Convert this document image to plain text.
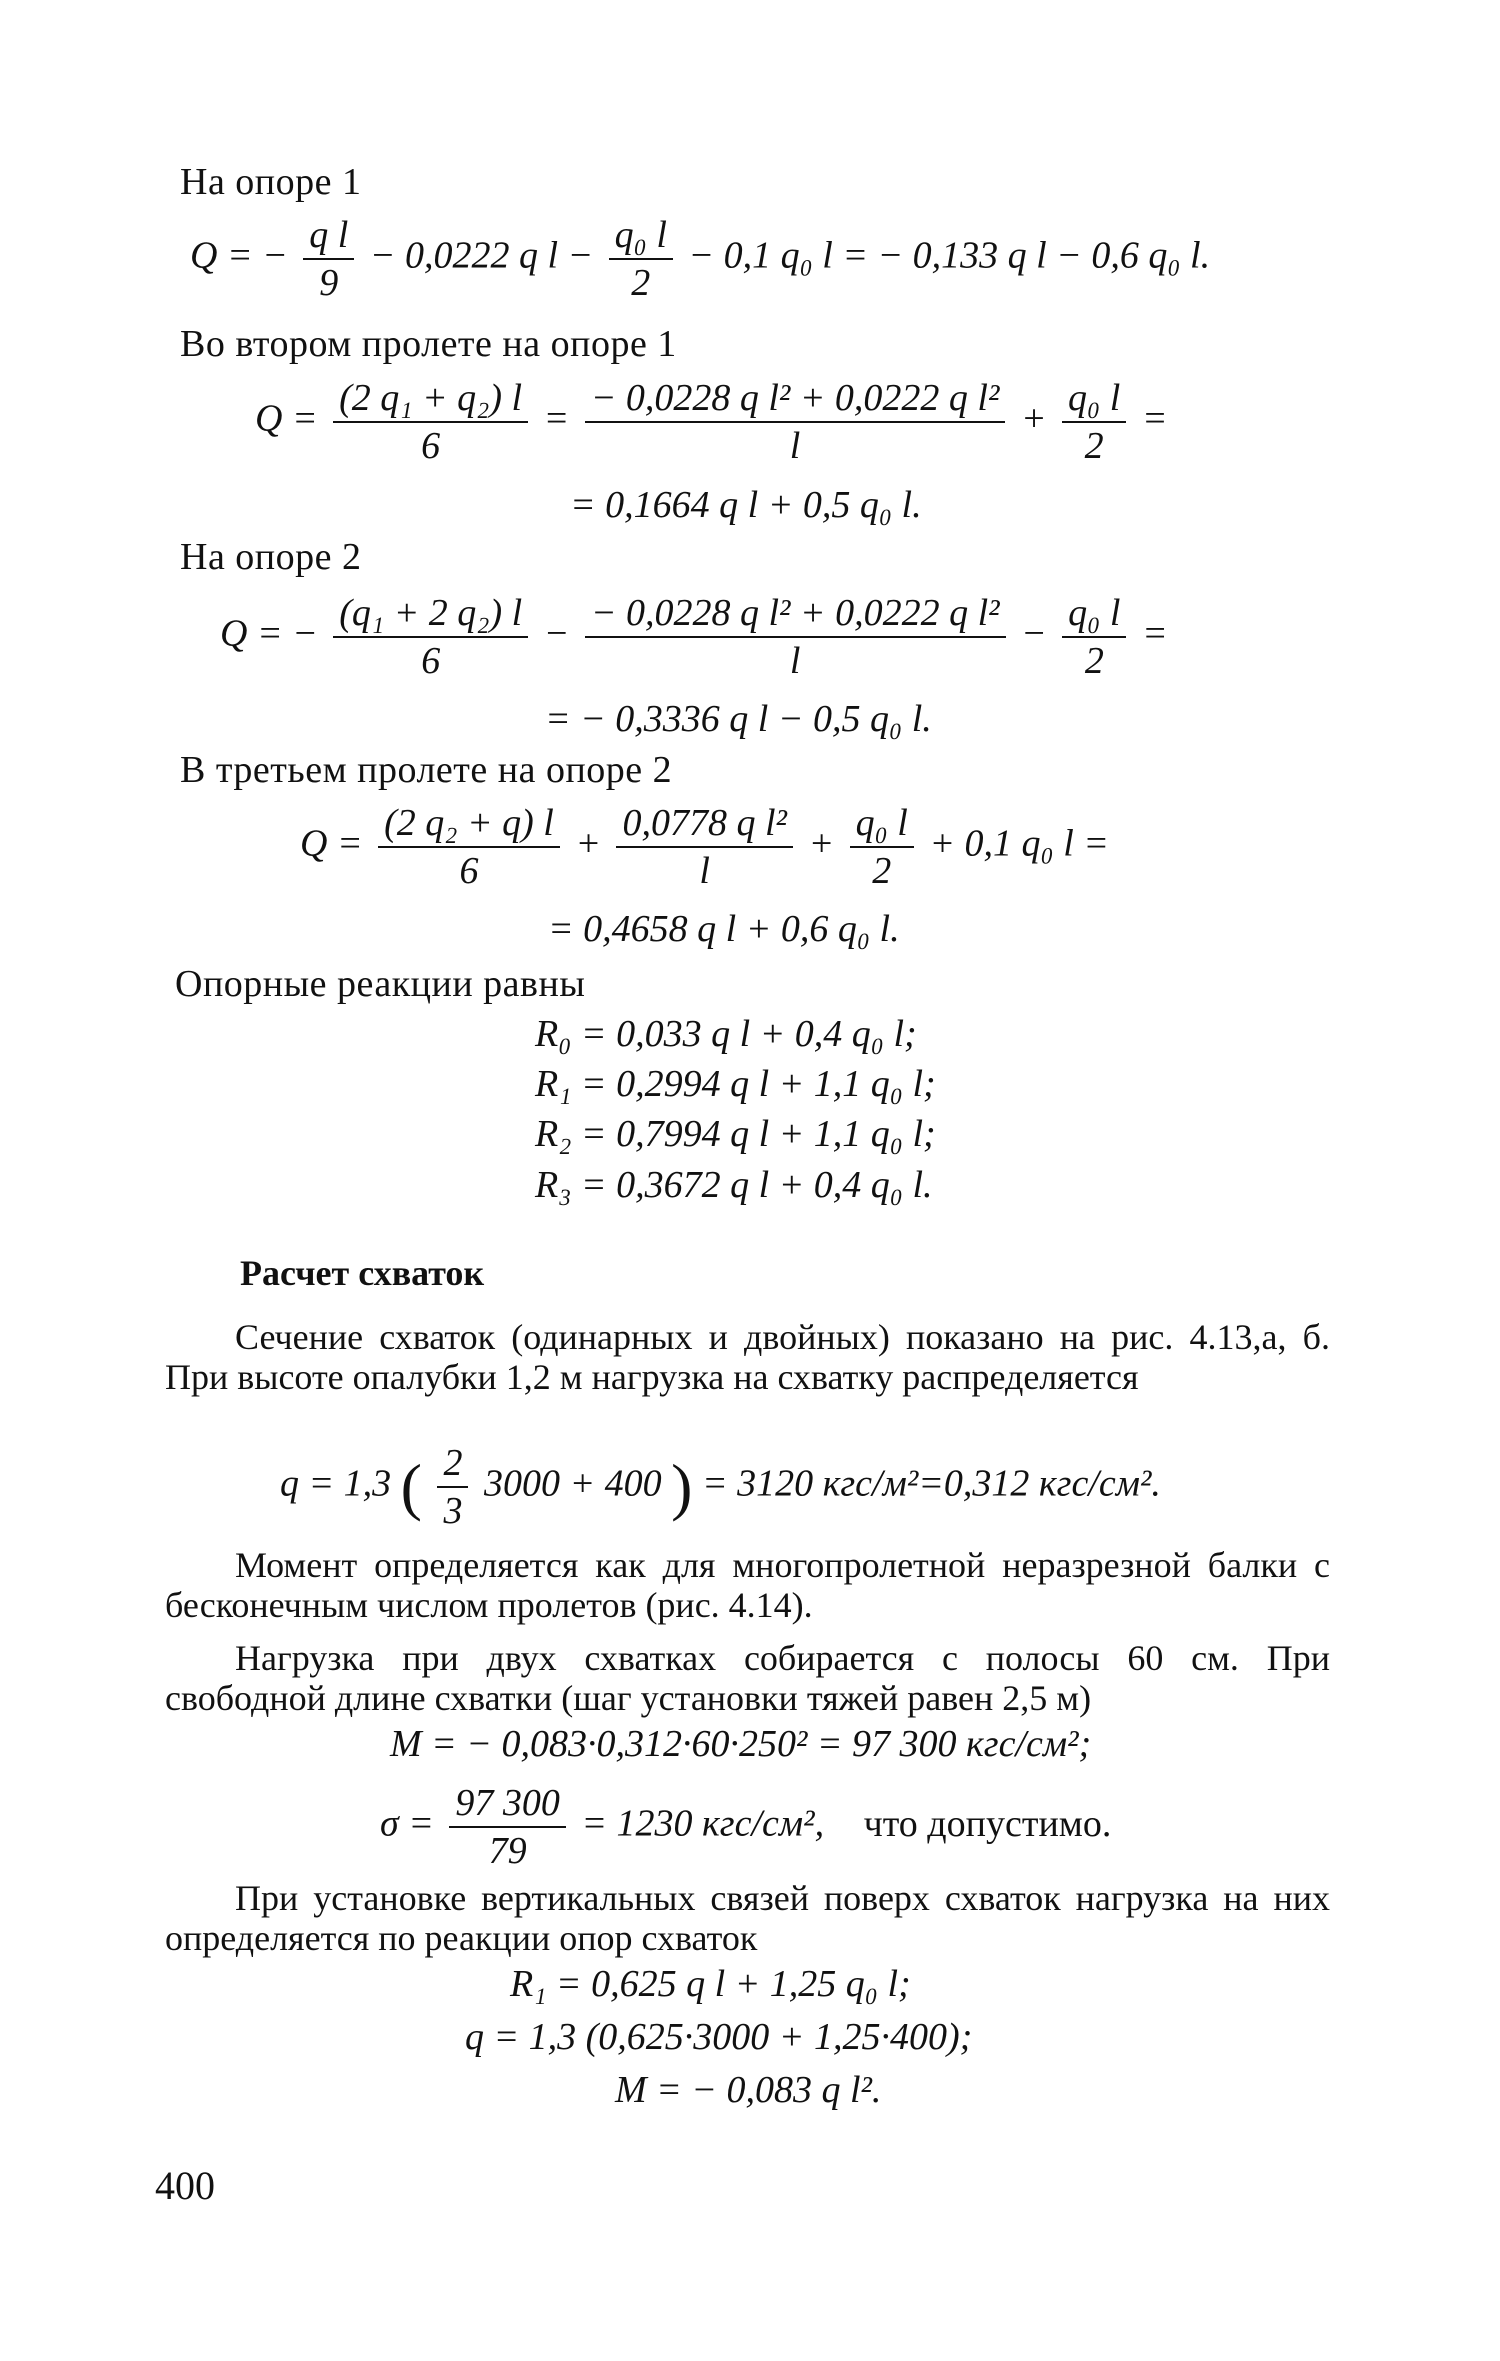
На опоре 1
Q = − $\frac{\text{q l}}{9} - 0,0222$ q $l - \frac{\text{q₀ l}}{2} - 0,1$ q₀ l = − 0,133 q l − 0,6 q₀ l.
Во втором пролете на опоре 1
$Q = \frac{\text{(2 q₁ + q₂) l}}{6} = \frac{\text{− 0,0228 q l² + 0,0222 q l²}}{l} + \frac{\text{q₀ l}}{2}$ =
= 0,1664 q l + 0,5 q₀ l.
На опоре 2
Q = − $\frac{\text{(q₁ + 2 q₂) l}}{6} - \frac{\text{− 0,0228 q l² + 0,0222 q l²}}{l} - \frac{\text{q₀ l}}{2}$ =
= − 0,3336 q l − 0,5 q₀ l.
В третьем пролете на опоре 2
$Q = \frac{\text{(2 q₂ + q) l}}{6} + \frac{\text{0,0778 q l²}}{l} + \frac{\text{q₀ l}}{2} + 0,1$ q₀ l =
= 0,4658 q l + 0,6 q₀ l.
Опорные реакции равны
R₀ = 0,033 q l + 0,4 q₀ l;
R₁ = 0,2994 q l + 1,1 q₀ l;
R₂ = 0,7994 q l + 1,1 q₀ l;
R₃ = 0,3672 q l + 0,4 q₀ l.
Расчет схваток
Сечение схваток (одинарных и двойных) показано на рис. 4.13,а, б. При высоте опалубки 1,2 м нагрузка на схватку распределяется
q = 1,3 ( $\frac{2}{3} 3000 + 400$ ) = 3120 кгс/м²=0,312 кгс/см².
Момент определяется как для многопролетной неразрезной балки с бесконечным числом пролетов (рис. 4.14).
Нагрузка при двух схватках собирается с полосы 60 см. При свободной длине схватки (шаг установки тяжей равен 2,5 м)
M = − 0,083·0,312·60·250² = 97 300 кгс/см²;
$\sigma = \frac{97 300}{79} = 1230$ кгс/см², что допустимо.
При установке вертикальных связей поверх схваток нагрузка на них определяется по реакции опор схваток
R₁ = 0,625 q l + 1,25 q₀ l;
q = 1,3 (0,625·3000 + 1,25·400);
M = − 0,083 q l².
400
